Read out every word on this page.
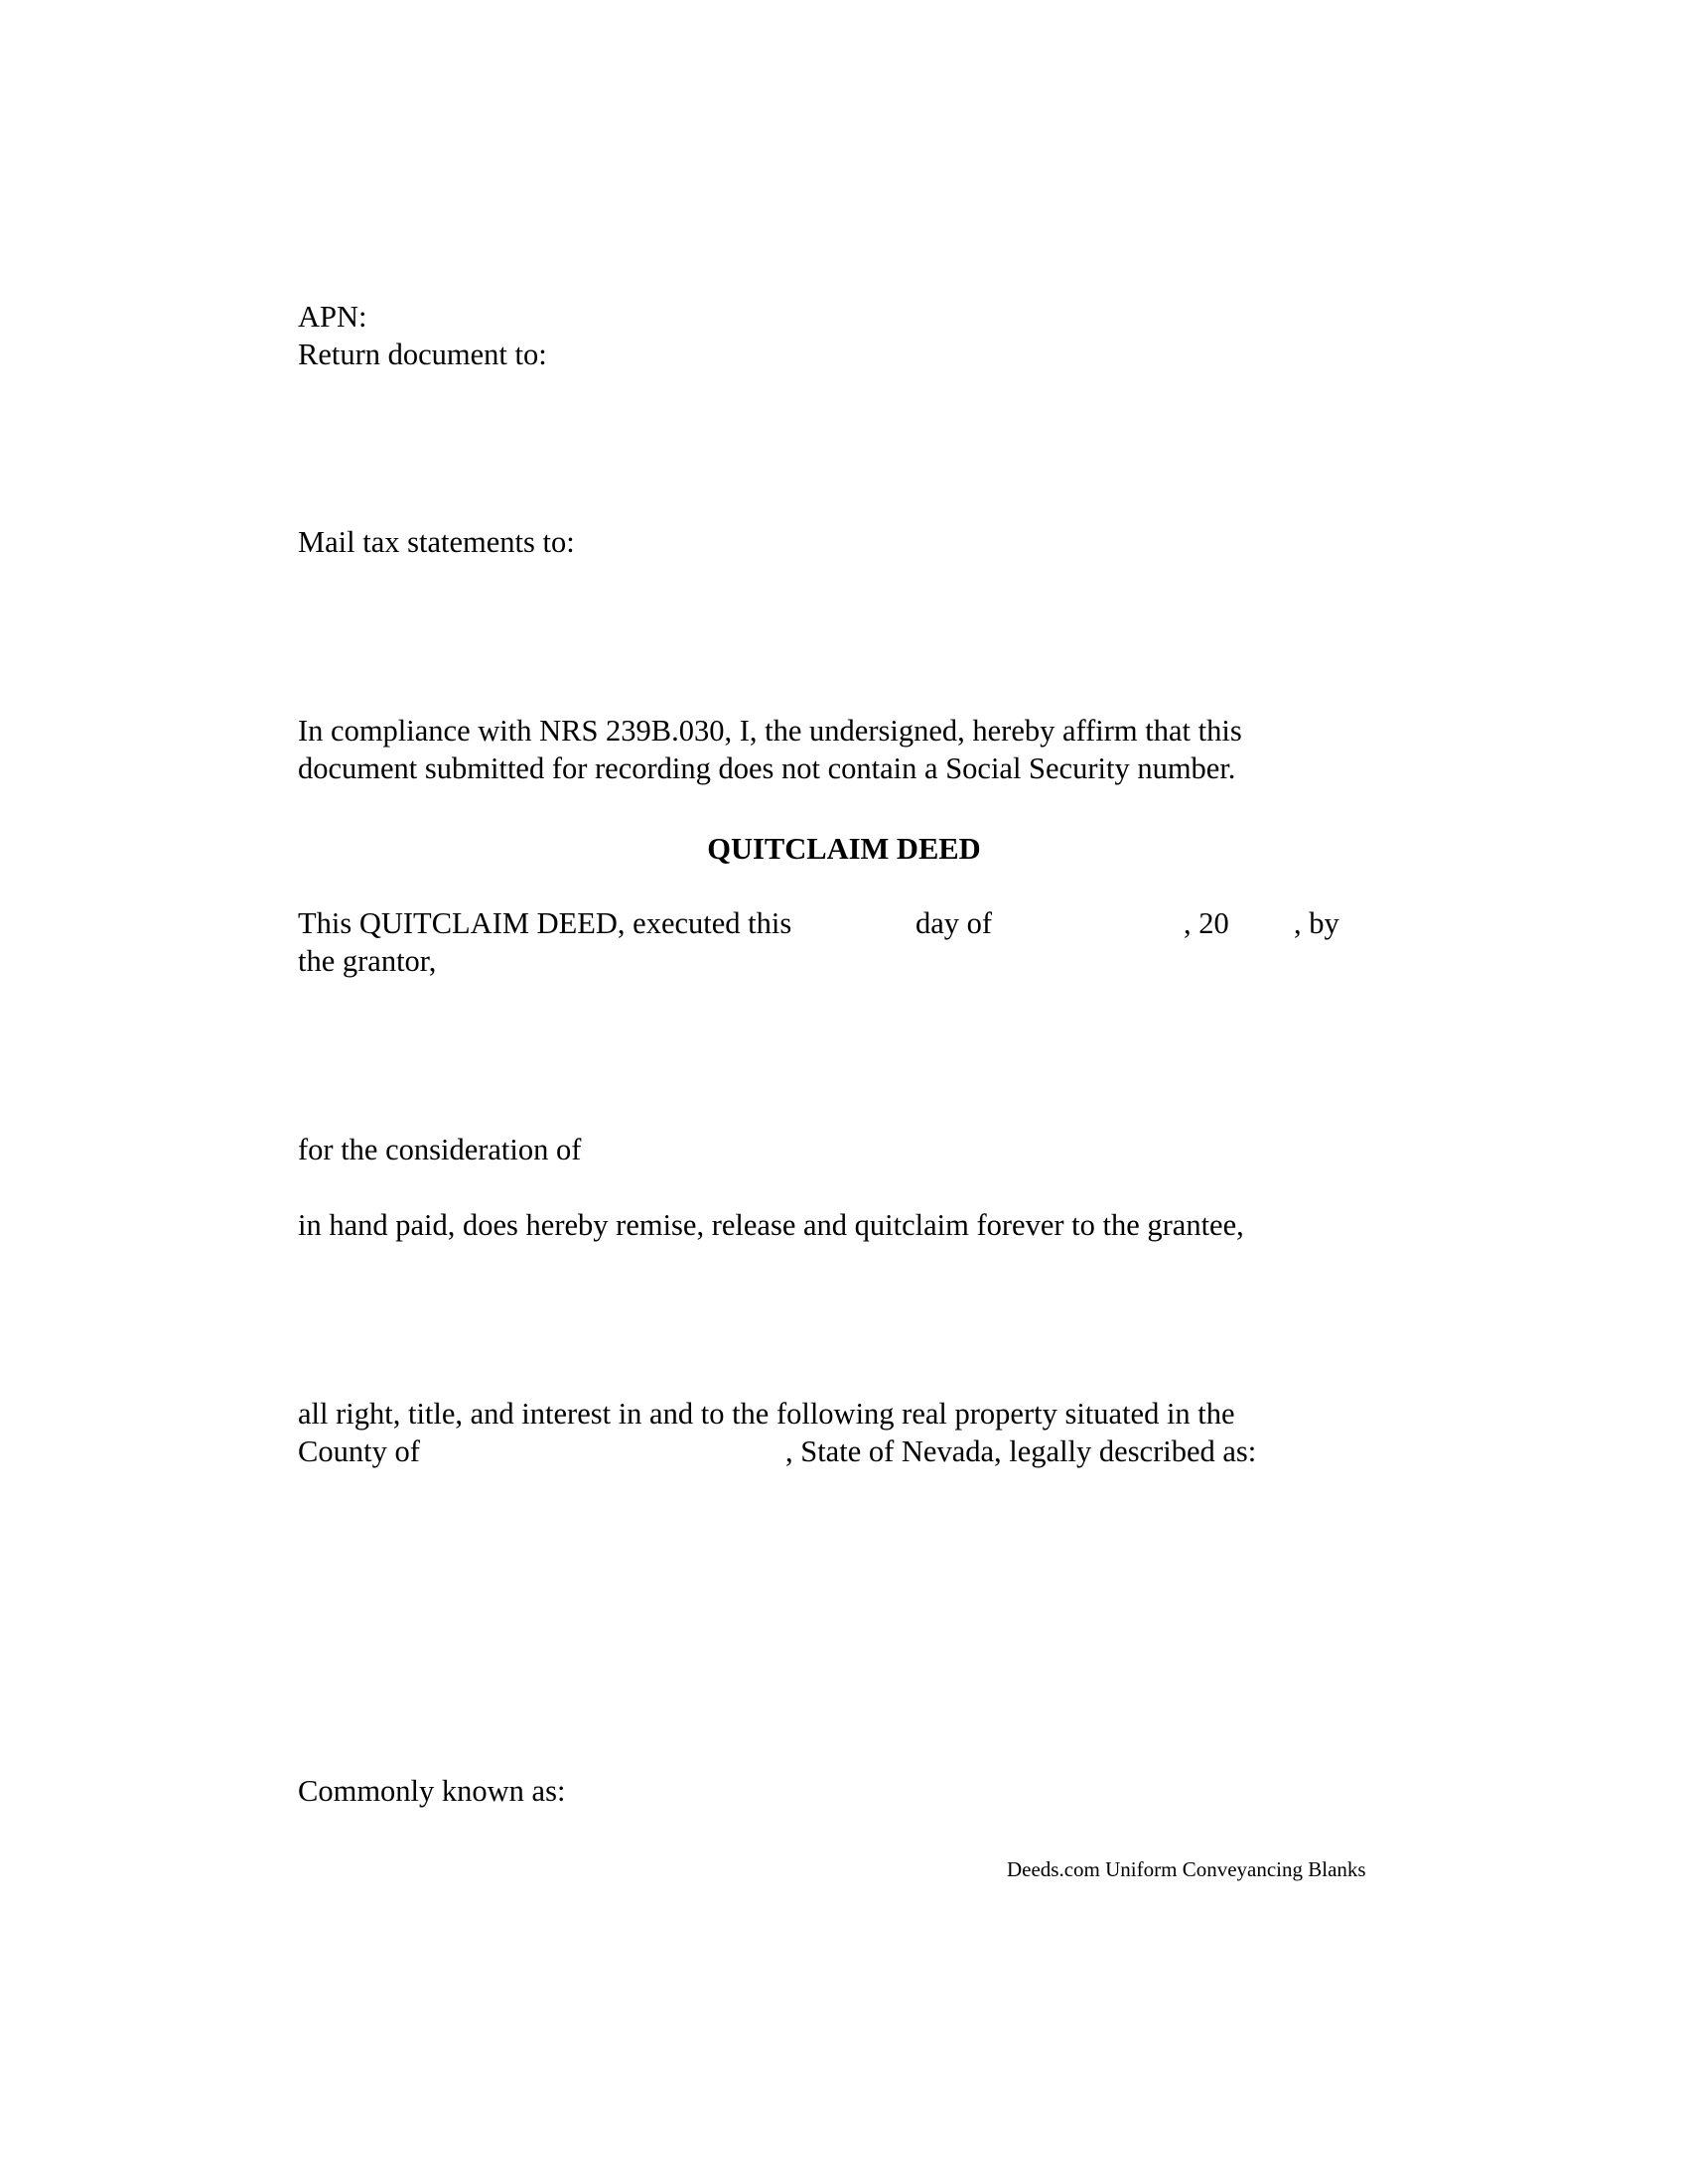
APN:
Return document to:
Mail tax statements to:
In compliance with NRS 239B.030, I, the undersigned, hereby affirm that this
document submitted for recording does not contain a Social Security number.
QUITCLAIM DEED
This QUITCLAIM DEED, executed this	day of	, 20 , by
the grantor,
for the consideration of
in hand paid, does hereby remise, release and quitclaim forever to the grantee,
all right, title, and interest in and to the following real property situated in the
County of	, State of Nevada, legally described as:
Commonly known as:
Deeds.com Uniform Conveyancing Blanks
